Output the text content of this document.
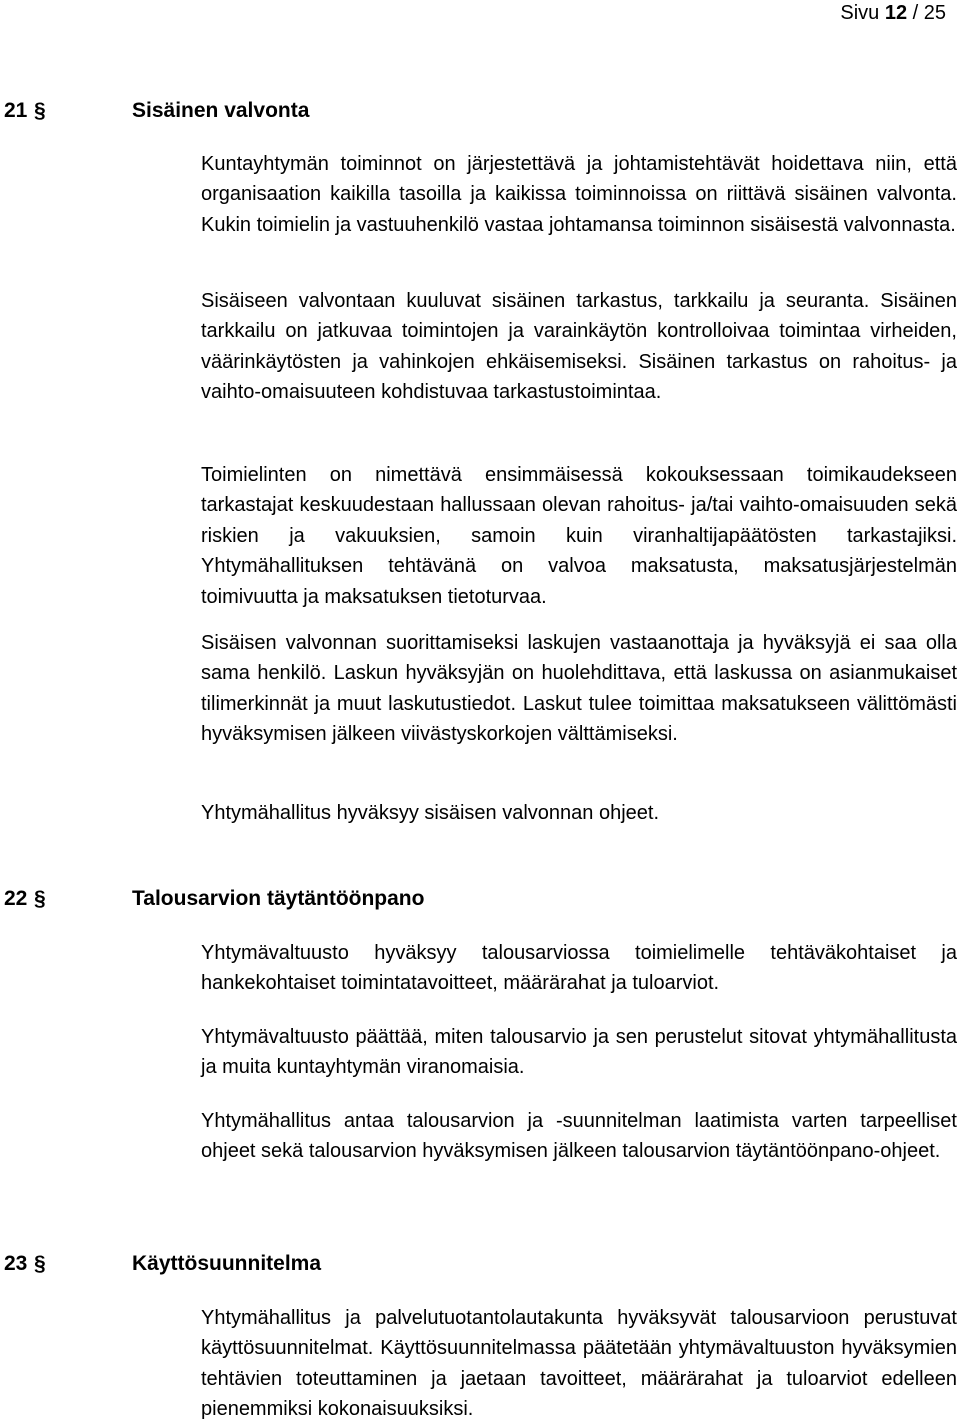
Sivu 12 / 25
21 §	Sisäinen valvonta

Kuntayhtymän toiminnot on järjestettävä ja johtamistehtävät hoidettava niin, että organisaation kaikilla tasoilla ja kaikissa toiminnoissa on riittävä sisäinen valvonta. Kukin toimielin ja vastuuhenkilö vastaa johtamansa toiminnon sisäisestä valvonnasta.

Sisäiseen valvontaan kuuluvat sisäinen tarkastus, tarkkailu ja seuranta. Sisäinen tarkkailu on jatkuvaa toimintojen ja varainkäytön kontrolloivaa toimintaa virheiden, väärinkäytösten ja vahinkojen ehkäisemiseksi. Sisäinen tarkastus on rahoitus- ja vaihto-omaisuuteen kohdistuvaa tarkastustoimintaa.

Toimielinten on nimettävä ensimmäisessä kokouksessaan toimikaudekseen tarkastajat keskuudestaan hallussaan olevan rahoitus- ja/tai vaihto-omaisuuden sekä riskien ja vakuuksien, samoin kuin viranhaltijapäätösten tarkastajiksi. Yhtymähallituksen tehtävänä on valvoa maksatusta, maksatusjärjestelmän toimivuutta ja maksatuksen tietoturvaa.

Sisäisen valvonnan suorittamiseksi laskujen vastaanottaja ja hyväksyjä ei saa olla sama henkilö. Laskun hyväksyjän on huolehdittava, että laskussa on asianmukaiset tilimerkinnät ja muut laskutustiedot. Laskut tulee toimittaa maksatukseen välittömästi hyväksymisen jälkeen viivästyskorkojen välttämiseksi.

Yhtymähallitus hyväksyy sisäisen valvonnan ohjeet.

22 §	Talousarvion täytäntöönpano

Yhtymävaltuusto hyväksyy talousarviossa toimielimelle tehtäväkohtaiset ja hankekohtaiset toimintatavoitteet, määrärahat ja tuloarviot.

Yhtymävaltuusto päättää, miten talousarvio ja sen perustelut sitovat yhtymähallitusta ja muita kuntayhtymän viranomaisia.

Yhtymähallitus antaa talousarvion ja -suunnitelman laatimista varten tarpeelliset ohjeet sekä talousarvion hyväksymisen jälkeen talousarvion täytäntöönpano-ohjeet.

23 §	Käyttösuunnitelma

Yhtymähallitus ja palvelutuotantolautakunta hyväksyvät talousarvioon perustuvat käyttösuunnitelmat. Käyttösuunnitelmassa päätetään yhtymävaltuuston hyväksymien tehtävien toteuttaminen ja jaetaan tavoitteet, määrärahat ja tuloarviot edelleen pienemmiksi kokonaisuuksiksi.
